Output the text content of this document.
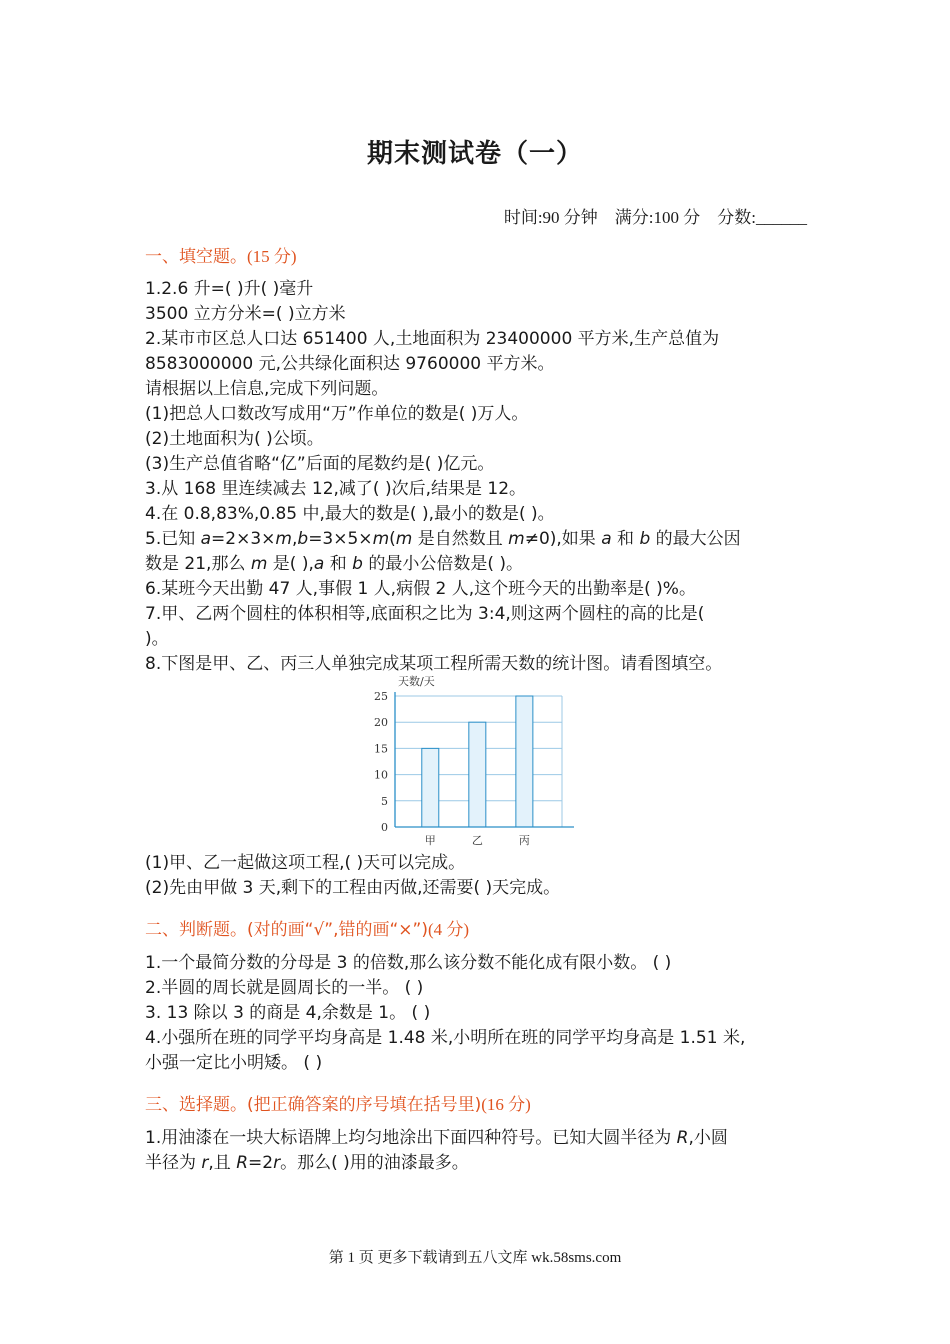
期末测试卷（一）
时间:90 分钟    满分:100 分    分数:______
一、填空题。(15 分)
1.2.6 升=( )升( )毫升
3500 立方分米=( )立方米
2.某市市区总人口达 651400 人,土地面积为 23400000 平方米,生产总值为
8583000000 元,公共绿化面积达 9760000 平方米。
请根据以上信息,完成下列问题。
(1)把总人口数改写成用“万”作单位的数是( )万人。
(2)土地面积为( )公顷。
(3)生产总值省略“亿”后面的尾数约是( )亿元。
3.从 168 里连续减去 12,减了( )次后,结果是 12。
4.在 0.8,83%,0.85 中,最大的数是( ),最小的数是( )。
5.已知 a=2×3×m,b=3×5×m(m 是自然数且 m≠0),如果 a 和 b 的最大公因
数是 21,那么 m 是( ),a 和 b 的最小公倍数是( )。
6.某班今天出勤 47 人,事假 1 人,病假 2 人,这个班今天的出勤率是( )%。
7.甲、乙两个圆柱的体积相等,底面积之比为 3:4,则这两个圆柱的高的比是(
)。
8.下图是甲、乙、丙三人单独完成某项工程所需天数的统计图。请看图填空。
0
5
10
15
20
25
天数/天
甲	乙	丙
(1)甲、乙一起做这项工程,( )天可以完成。
(2)先由甲做 3 天,剩下的工程由丙做,还需要( )天完成。
二、判断题。(对的画“√”,错的画“×”)(4 分)
1.一个最简分数的分母是 3 的倍数,那么该分数不能化成有限小数。 ( )
2.半圆的周长就是圆周长的一半。 ( )
3. 13 除以 3 的商是 4,余数是 1。 ( )
4.小强所在班的同学平均身高是 1.48 米,小明所在班的同学平均身高是 1.51 米,
小强一定比小明矮。 ( )
三、选择题。(把正确答案的序号填在括号里)(16 分)
1.用油漆在一块大标语牌上均匀地涂出下面四种符号。已知大圆半径为 R,小圆
半径为 r,且 R=2r。那么( )用的油漆最多。
第 1 页 更多下载请到五八文库 wk.58sms.com
